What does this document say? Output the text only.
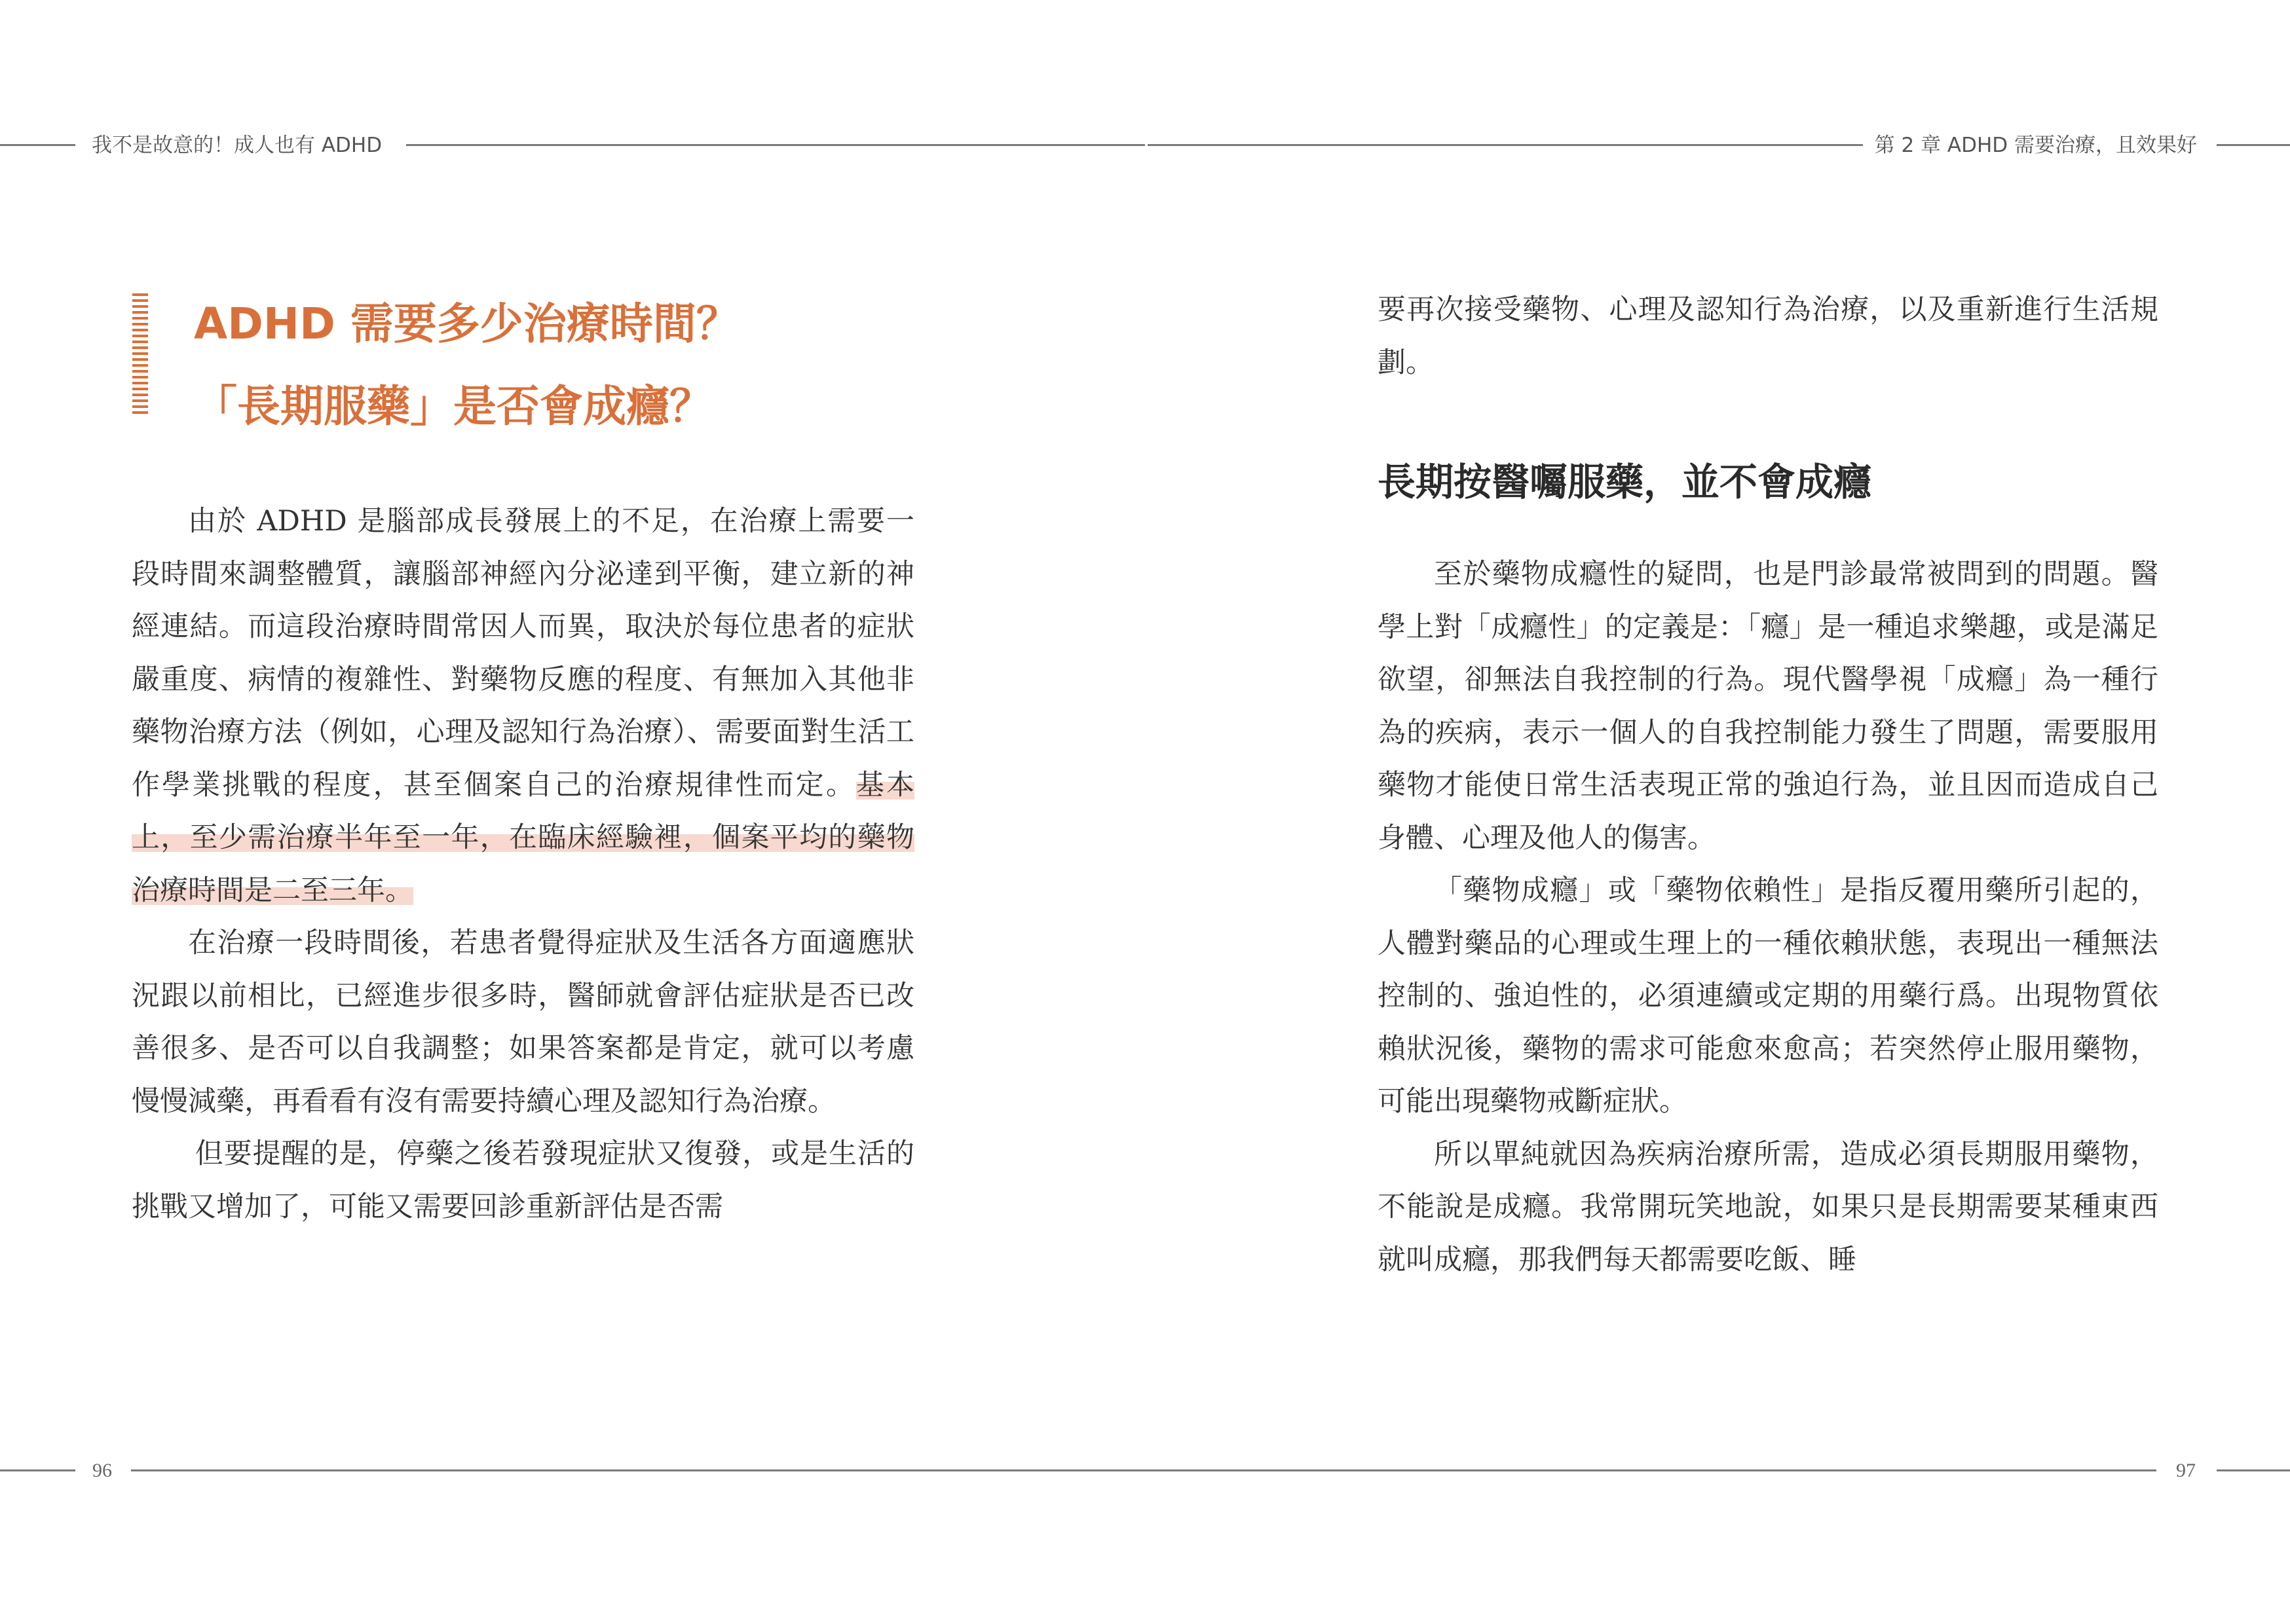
我不是故意的！成人也有 ADHD	第 2 章 ADHD 需要治療，且效果好
ADHD 需要多少治療時間？
「長期服藥」是否會成癮？

由於 ADHD 是腦部成長發展上的不足，在治療上需要一段時間來調整體質，讓腦部神經內分泌達到平衡，建立新的神經連結。而這段治療時間常因人而異，取決於每位患者的症狀嚴重度、病情的複雜性、對藥物反應的程度、有無加入其他非藥物治療方法（例如，心理及認知行為治療）、需要面對生活工作學業挑戰的程度，甚至個案自己的治療規律性而定。基本上，至少需治療半年至一年，在臨床經驗裡，個案平均的藥物治療時間是二至三年。

在治療一段時間後，若患者覺得症狀及生活各方面適應狀況跟以前相比，已經進步很多時，醫師就會評估症狀是否已改善很多、是否可以自我調整；如果答案都是肯定，就可以考慮慢慢減藥，再看看有沒有需要持續心理及認知行為治療。

但要提醒的是，停藥之後若發現症狀又復發，或是生活的挑戰又增加了，可能又需要回診重新評估是否需

要再次接受藥物、心理及認知行為治療，以及重新進行生活規劃。

長期按醫囑服藥，並不會成癮

至於藥物成癮性的疑問，也是門診最常被問到的問題。醫學上對「成癮性」的定義是：「癮」是一種追求樂趣，或是滿足欲望，卻無法自我控制的行為。現代醫學視「成癮」為一種行為的疾病，表示一個人的自我控制能力發生了問題，需要服用藥物才能使日常生活表現正常的強迫行為，並且因而造成自己身體、心理及他人的傷害。

「藥物成癮」或「藥物依賴性」是指反覆用藥所引起的，人體對藥品的心理或生理上的一種依賴狀態，表現出一種無法控制的、強迫性的，必須連續或定期的用藥行爲。出現物質依賴狀況後，藥物的需求可能愈來愈高；若突然停止服用藥物，可能出現藥物戒斷症狀。

所以單純就因為疾病治療所需，造成必須長期服用藥物，不能說是成癮。我常開玩笑地說，如果只是長期需要某種東西就叫成癮，那我們每天都需要吃飯、睡

96	97
